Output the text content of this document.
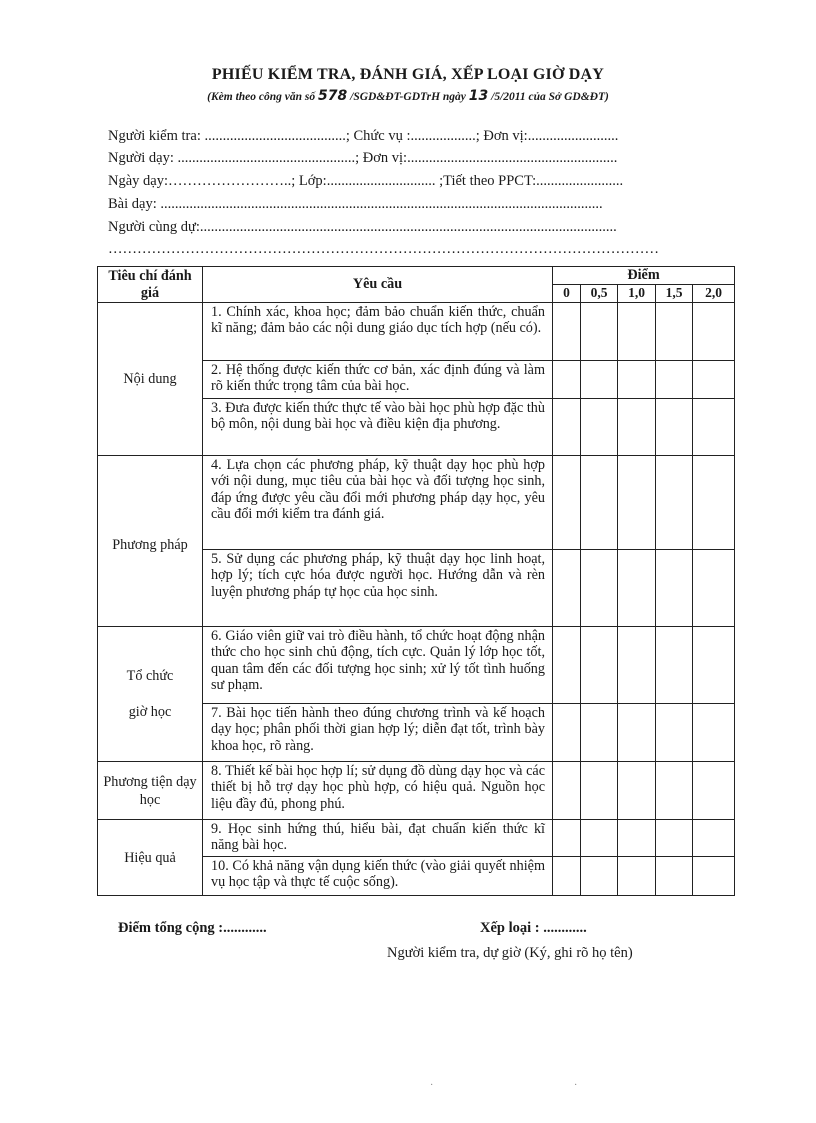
PHIẾU KIỂM TRA, ĐÁNH GIÁ, XẾP LOẠI GIỜ DẠY
(Kèm theo công văn số 578 /SGD&ĐT-GDTrH ngày 13 /5/2011 của Sở GD&ĐT)
Người kiểm tra: .......................................; Chức vụ :..................; Đơn vị:.........................
Người dạy: .................................................; Đơn vị:..........................................................
Ngày dạy:……………………..; Lớp:.............................. ;Tiết theo PPCT:........................
Bài dạy: ..........................................................................................................................
Người cùng dự:...................................................................................................................
……………………………………………………………………………………………………
Tiêu chí đánh giá	Yêu cầu	Điểm				
		0	0,5	1,0	1,5	2,0
Nội dung	1. Chính xác, khoa học; đảm bảo chuẩn kiến thức, chuẩn kĩ năng; đảm bảo các nội dung giáo dục tích hợp (nếu có).					
	2. Hệ thống được kiến thức cơ bản, xác định đúng và làm rõ kiến thức trọng tâm của bài học.					
	3. Đưa được kiến thức thực tế vào bài học phù hợp đặc thù bộ môn, nội dung bài học và điều kiện địa phương.					
Phương pháp	4. Lựa chọn các phương pháp, kỹ thuật dạy học phù hợp với nội dung, mục tiêu của bài học và đối tượng học sinh, đáp ứng được yêu cầu đổi mới phương pháp dạy học, yêu cầu đổi mới kiểm tra đánh giá.					
	5. Sử dụng các phương pháp, kỹ thuật dạy học linh hoạt, hợp lý; tích cực hóa được người học. Hướng dẫn và rèn luyện phương pháp tự học của học sinh.					

Tổ chức
giờ học	6. Giáo viên giữ vai trò điều hành, tổ chức hoạt động nhận thức cho học sinh chủ động, tích cực. Quản lý lớp học tốt, quan tâm đến các đối tượng học sinh; xử lý tốt tình huống sư phạm.					
	7. Bài học tiến hành theo đúng chương trình và kế hoạch dạy học; phân phối thời gian hợp lý; diễn đạt tốt, trình bày khoa học, rõ ràng.					
Phương tiện dạy học	8. Thiết kế bài học hợp lí; sử dụng đồ dùng dạy học và các thiết bị hỗ trợ dạy học phù hợp, có hiệu quả. Nguồn học liệu đầy đủ, phong phú.					
Hiệu quả	9. Học sinh hứng thú, hiểu bài, đạt chuẩn kiến thức kĩ năng bài học.					
	10. Có khả năng vận dụng kiến thức (vào giải quyết nhiệm vụ học tập và thực tế cuộc sống).					
Điểm tổng cộng :............	Xếp loại : ............
Người kiểm tra, dự giờ (Ký, ghi rõ họ tên)
·	·
